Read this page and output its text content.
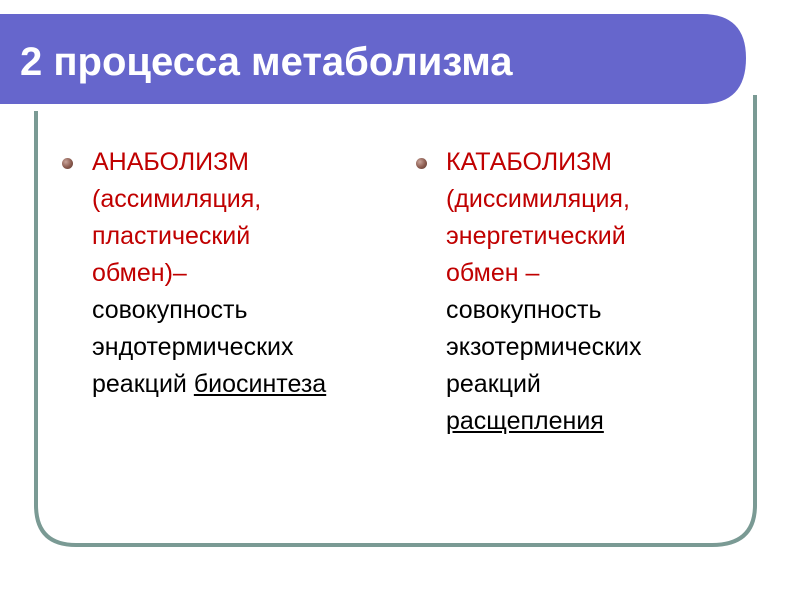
2 процесса метаболизма
АНАБОЛИЗМ
(ассимиляция,
пластический
обмен)–
совокупность
эндотермических
реакций биосинтеза
КАТАБОЛИЗМ
(диссимиляция,
энергетический
обмен –
совокупность
экзотермических
реакций
расщепления
